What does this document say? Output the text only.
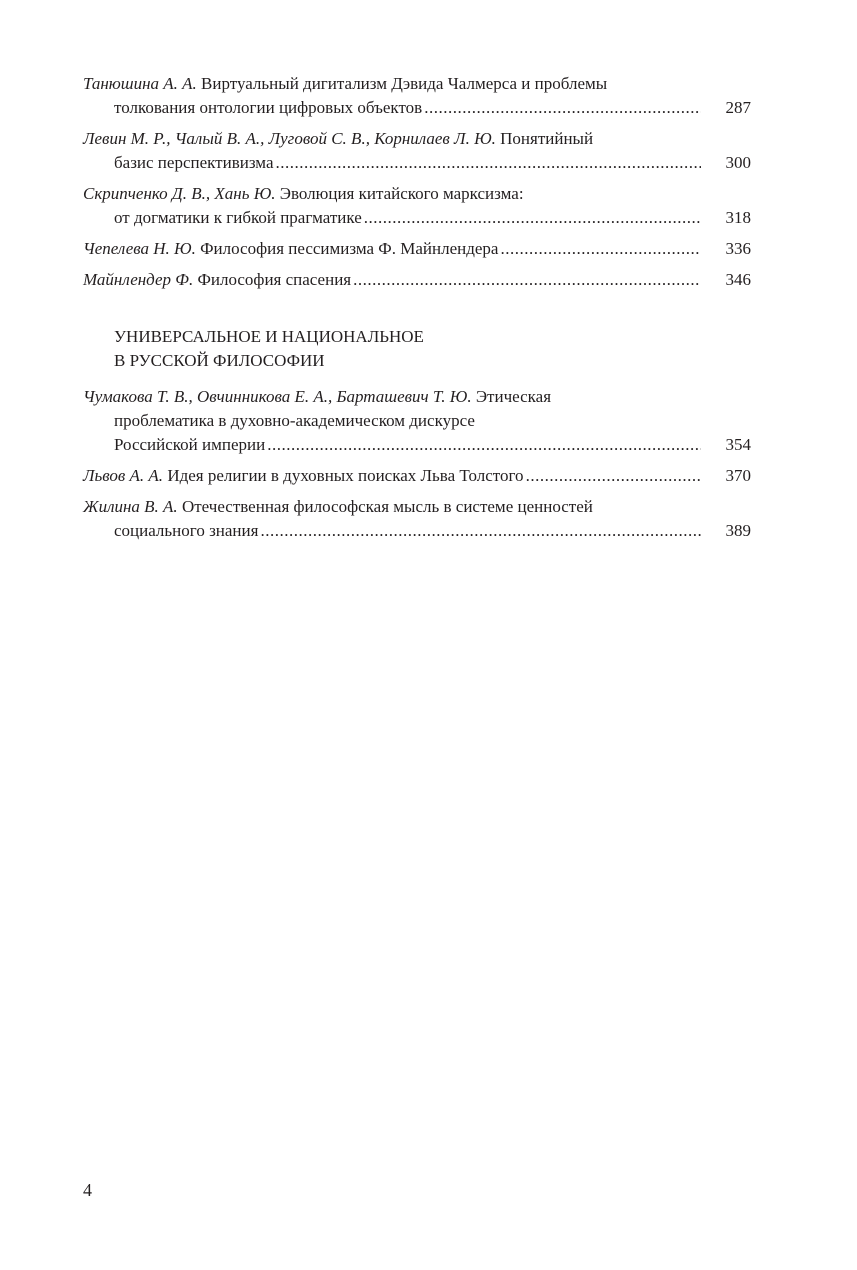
Танюшина А. А. Виртуальный дигитализм Дэвида Чалмерса и проблемы
толкования онтологии цифровых объектов .....	287
Левин М. Р., Чалый В. А., Луговой С. В., Корнилаев Л. Ю. Понятийный
базис перспективизма .....	300
Скрипченко Д. В., Хань Ю. Эволюция китайского марксизма:
от догматики к гибкой прагматике .....	318
Чепелева Н. Ю. Философия пессимизма Ф. Майнлендера .....	336
Майнлендер Ф. Философия спасения .....	346
УНИВЕРСАЛЬНОЕ И НАЦИОНАЛЬНОЕ
В РУССКОЙ ФИЛОСОФИИ
Чумакова Т. В., Овчинникова Е. А., Барташевич Т. Ю. Этическая
проблематика в духовно-академическом дискурсе
Российской империи .....	354
Львов А. А. Идея религии в духовных поисках Льва Толстого .....	370
Жилина В. А. Отечественная философская мысль в системе ценностей
социального знания .....	389
4
